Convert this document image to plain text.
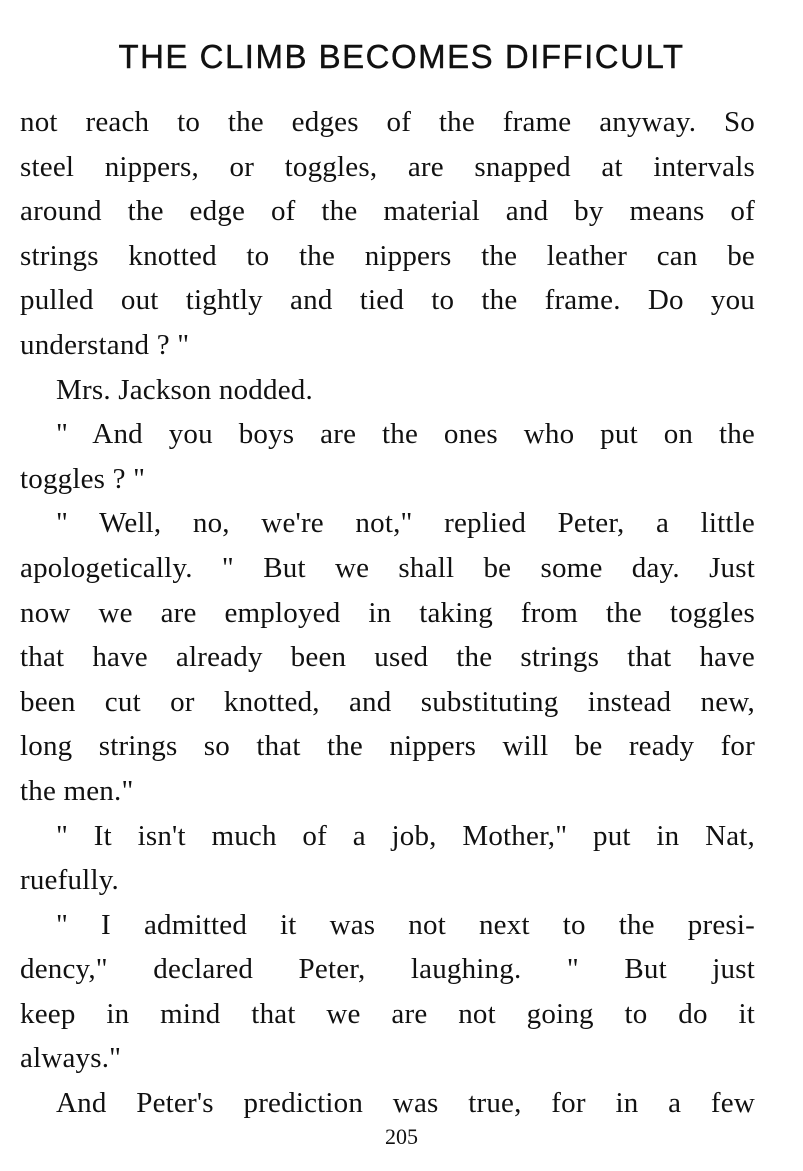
THE CLIMB BECOMES DIFFICULT
not reach to the edges of the frame anyway. So
steel nippers, or toggles, are snapped at intervals
around the edge of the material and by means of
strings knotted to the nippers the leather can be
pulled out tightly and tied to the frame. Do you
understand ? "
Mrs. Jackson nodded.
" And you boys are the ones who put on the
toggles ? "
" Well, no, we're not," replied Peter, a little
apologetically. " But we shall be some day. Just
now we are employed in taking from the toggles
that have already been used the strings that have
been cut or knotted, and substituting instead new,
long strings so that the nippers will be ready for
the men."
" It isn't much of a job, Mother," put in Nat,
ruefully.
" I admitted it was not next to the presi-
dency," declared Peter, laughing. " But just
keep in mind that we are not going to do it
always."
And Peter's prediction was true, for in a few
205
